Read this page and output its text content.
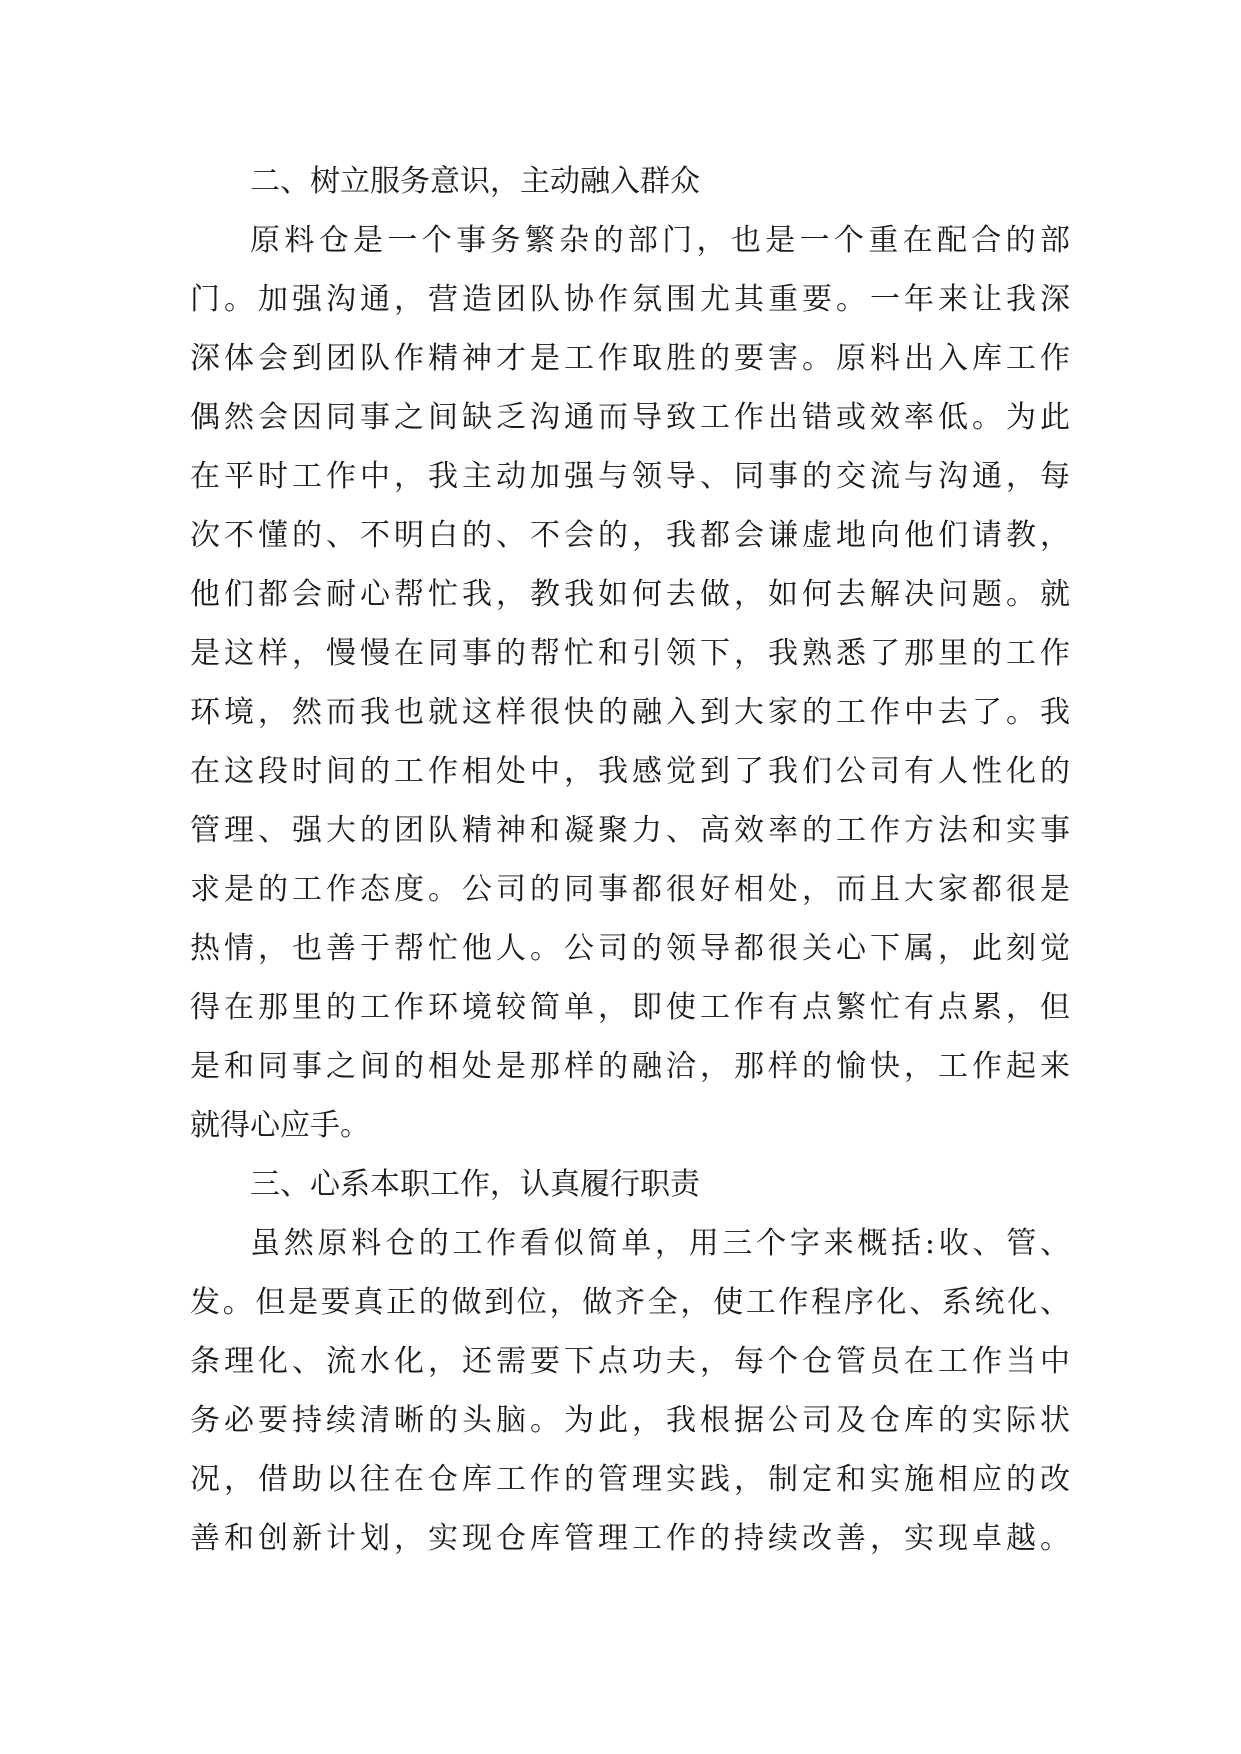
二、树立服务意识，主动融入群众
原料仓是一个事务繁杂的部门，也是一个重在配合的部
门。加强沟通，营造团队协作氛围尤其重要。一年来让我深
深体会到团队作精神才是工作取胜的要害。原料出入库工作
偶然会因同事之间缺乏沟通而导致工作出错或效率低。为此
在平时工作中，我主动加强与领导、同事的交流与沟通，每
次不懂的、不明白的、不会的，我都会谦虚地向他们请教，
他们都会耐心帮忙我，教我如何去做，如何去解决问题。就
是这样，慢慢在同事的帮忙和引领下，我熟悉了那里的工作
环境，然而我也就这样很快的融入到大家的工作中去了。我
在这段时间的工作相处中，我感觉到了我们公司有人性化的
管理、强大的团队精神和凝聚力、高效率的工作方法和实事
求是的工作态度。公司的同事都很好相处，而且大家都很是
热情，也善于帮忙他人。公司的领导都很关心下属，此刻觉
得在那里的工作环境较简单，即使工作有点繁忙有点累，但
是和同事之间的相处是那样的融洽，那样的愉快，工作起来
就得心应手。
三、心系本职工作，认真履行职责
虽然原料仓的工作看似简单，用三个字来概括:收、管、
发。但是要真正的做到位，做齐全，使工作程序化、系统化、
条理化、流水化，还需要下点功夫，每个仓管员在工作当中
务必要持续清晰的头脑。为此，我根据公司及仓库的实际状
况，借助以往在仓库工作的管理实践，制定和实施相应的改
善和创新计划，实现仓库管理工作的持续改善，实现卓越。
